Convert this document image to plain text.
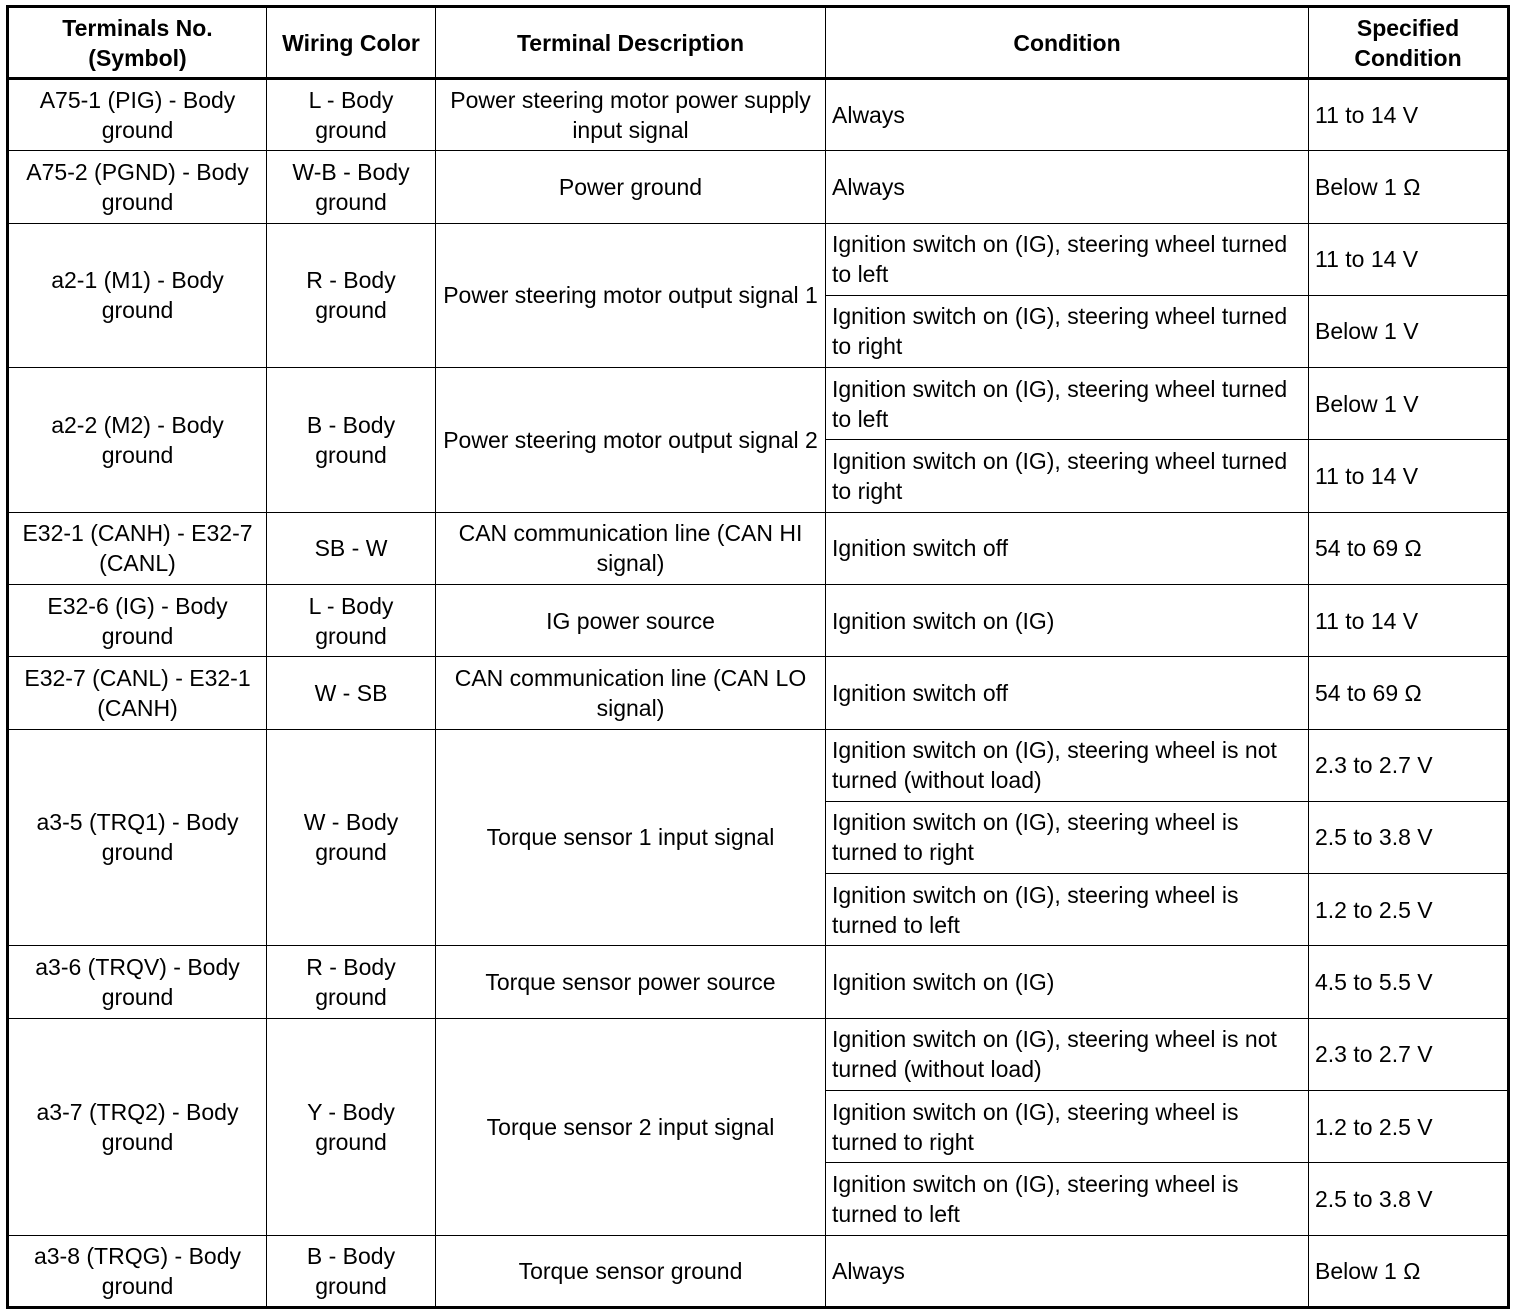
Terminals No. (Symbol)	Wiring Color	Terminal Description	Condition	Specified Condition
A75-1 (PIG) - Body ground	L - Body ground	Power steering motor power supply input signal	Always	11 to 14 V
A75-2 (PGND) - Body ground	W-B - Body ground	Power ground	Always	Below 1 Ω
a2-1 (M1) - Body ground	R - Body ground	Power steering motor output signal 1	Ignition switch on (IG), steering wheel turned to left	11 to 14 V
			Ignition switch on (IG), steering wheel turned to right	Below 1 V
a2-2 (M2) - Body ground	B - Body ground	Power steering motor output signal 2	Ignition switch on (IG), steering wheel turned to left	Below 1 V
			Ignition switch on (IG), steering wheel turned to right	11 to 14 V
E32-1 (CANH) - E32-7 (CANL)	SB - W	CAN communication line (CAN HI signal)	Ignition switch off	54 to 69 Ω
E32-6 (IG) - Body ground	L - Body ground	IG power source	Ignition switch on (IG)	11 to 14 V
E32-7 (CANL) - E32-1 (CANH)	W - SB	CAN communication line (CAN LO signal)	Ignition switch off	54 to 69 Ω
a3-5 (TRQ1) - Body ground	W - Body ground	Torque sensor 1 input signal	Ignition switch on (IG), steering wheel is not turned (without load)	2.3 to 2.7 V
			Ignition switch on (IG), steering wheel is turned to right	2.5 to 3.8 V
			Ignition switch on (IG), steering wheel is turned to left	1.2 to 2.5 V
a3-6 (TRQV) - Body ground	R - Body ground	Torque sensor power source	Ignition switch on (IG)	4.5 to 5.5 V
a3-7 (TRQ2) - Body ground	Y - Body ground	Torque sensor 2 input signal	Ignition switch on (IG), steering wheel is not turned (without load)	2.3 to 2.7 V
			Ignition switch on (IG), steering wheel is turned to right	1.2 to 2.5 V
			Ignition switch on (IG), steering wheel is turned to left	2.5 to 3.8 V
a3-8 (TRQG) - Body ground	B - Body ground	Torque sensor ground	Always	Below 1 Ω
